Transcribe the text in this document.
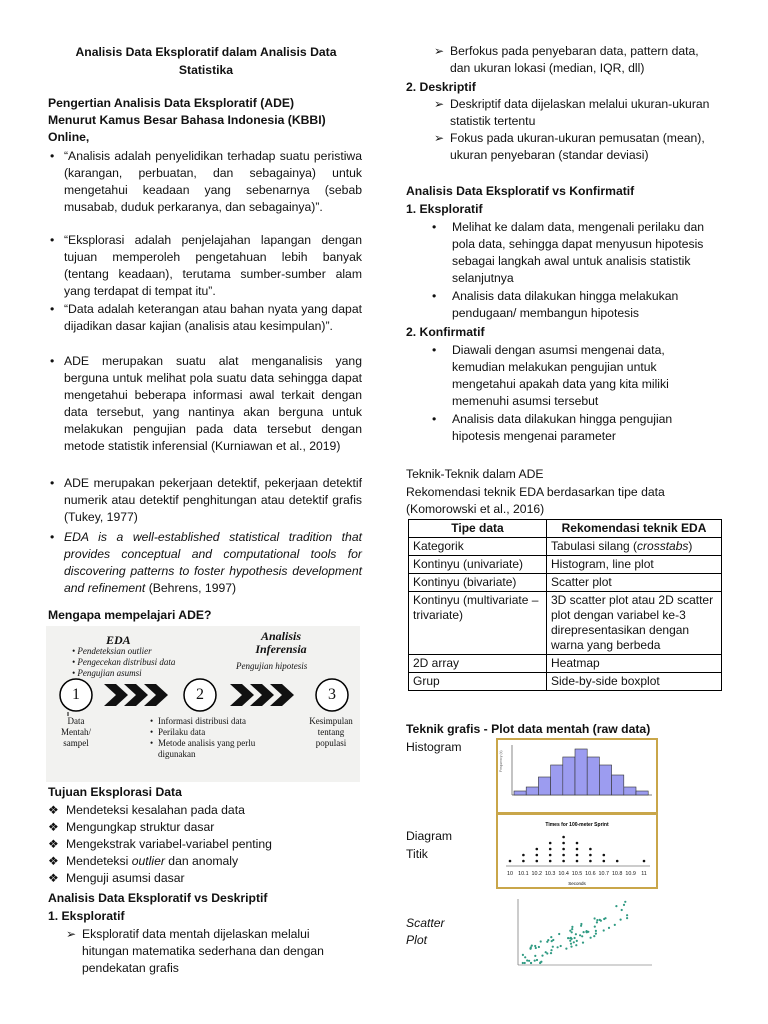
Analisis Data Eksploratif dalam Analisis Data Statistika
Pengertian Analisis Data Eksploratif (ADE)
Menurut Kamus Besar Bahasa Indonesia (KBBI)
Online,
• “Analisis adalah penyelidikan terhadap suatu peristiwa (karangan, perbuatan, dan sebagainya) untuk mengetahui keadaan yang sebenarnya (sebab musabab, duduk perkaranya, dan sebagainya)”.
• “Eksplorasi adalah penjelajahan lapangan dengan tujuan memperoleh pengetahuan lebih banyak (tentang keadaan), terutama sumber-sumber alam yang terdapat di tempat itu”.
• “Data adalah keterangan atau bahan nyata yang dapat dijadikan dasar kajian (analisis atau kesimpulan)”.
• ADE merupakan suatu alat menganalisis yang berguna untuk melihat pola suatu data sehingga dapat mengetahui beberapa informasi awal terkait dengan data tersebut, yang nantinya akan berguna untuk melakukan pengujian pada data tersebut dengan metode statistik inferensial (Kurniawan et al., 2019)
• ADE merupakan pekerjaan detektif, pekerjaan detektif numerik atau detektif penghitungan atau detektif grafis (Tukey, 1977)
• EDA is a well-established statistical tradition that provides conceptual and computational tools for discovering patterns to foster hypothesis development and refinement (Behrens, 1997)
Mengapa mempelajari ADE?
EDA
• Pendeteksian outlier
• Pengecekan distribusi data
• Pengujian asumsi
Analisis
Inferensia
Pengujian hipotesis
1	2	3
Data
Mentah/
sampel
• Informasi distribusi data
• Perilaku data
• Metode analisis yang perlu digunakan
Kesimpulan
tentang
populasi
Tujuan Eksplorasi Data
❖ Mendeteksi kesalahan pada data
❖ Mengungkap struktur dasar
❖ Mengekstrak variabel-variabel penting
❖ Mendeteksi outlier dan anomaly
❖ Menguji asumsi dasar
Analisis Data Eksploratif vs Deskriptif
1. Eksploratif
➢ Eksploratif data mentah dijelaskan melalui hitungan matematika sederhana dan dengan pendekatan grafis
➢ Berfokus pada penyebaran data, pattern data, dan ukuran lokasi (median, IQR, dll)
2. Deskriptif
➢ Deskriptif data dijelaskan melalui ukuran-ukuran statistik tertentu
➢ Fokus pada ukuran-ukuran pemusatan (mean), ukuran penyebaran (standar deviasi)
Analisis Data Eksploratif vs Konfirmatif
1. Eksploratif
•	Melihat ke dalam data, mengenali perilaku dan pola data, sehingga dapat menyusun hipotesis sebagai langkah awal untuk analisis statistik selanjutnya
•	Analisis data dilakukan hingga melakukan pendugaan/ membangun hipotesis
2. Konfirmatif
•	Diawali dengan asumsi mengenai data, kemudian melakukan pengujian untuk mengetahui apakah data yang kita miliki memenuhi asumsi tersebut
•	Analisis data dilakukan hingga pengujian hipotesis mengenai parameter
Teknik-Teknik dalam ADE
Rekomendasi teknik EDA berdasarkan tipe data
(Komorowski et al., 2016)
Tipe data	Rekomendasi teknik EDA
Kategorik	Tabulasi silang (crosstabs)
Kontinyu (univariate)	Histogram, line plot
Kontinyu (bivariate)	Scatter plot
Kontinyu (multivariate – trivariate)	3D scatter plot atau 2D scatter plot dengan variabel ke-3 direpresentasikan dengan warna yang berbeda
2D array	Heatmap
Grup	Side-by-side boxplot
Teknik grafis - Plot data mentah (raw data)
Histogram
Diagram
Titik
Scatter
Plot
Frequency (k)
Times for 100-meter Sprint
10 10.1 10.2 10.3 10.4 10.5 10.6 10.7 10.8 10.9 11
Seconds
